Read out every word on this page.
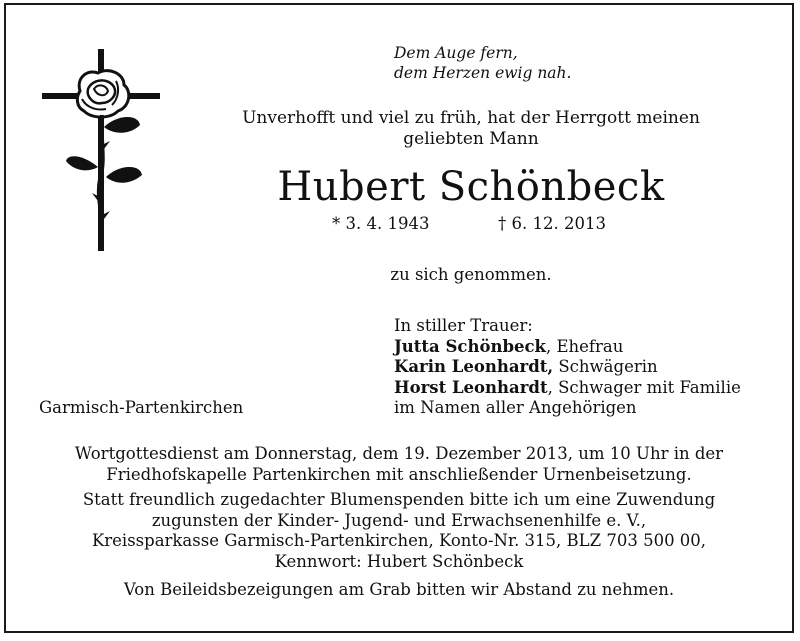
Dem Auge fern,
dem Herzen ewig nah.
Unverhofft und viel zu früh, hat der Herrgott meinen
geliebten Mann
Hubert Schönbeck
* 3. 4. 1943	† 6. 12. 2013
zu sich genommen.
In stiller Trauer:
Jutta Schönbeck, Ehefrau
Karin Leonhardt, Schwägerin
Horst Leonhardt, Schwager mit Familie
im Namen aller Angehörigen
Garmisch-Partenkirchen
Wortgottesdienst am Donnerstag, dem 19. Dezember 2013, um 10 Uhr in der
Friedhofskapelle Partenkirchen mit anschließender Urnenbeisetzung.
Statt freundlich zugedachter Blumenspenden bitte ich um eine Zuwendung
zugunsten der Kinder- Jugend- und Erwachsenenhilfe e. V.,
Kreissparkasse Garmisch-Partenkirchen, Konto-Nr. 315, BLZ 703 500 00,
Kennwort: Hubert Schönbeck
Von Beileidsbezeigungen am Grab bitten wir Abstand zu nehmen.
